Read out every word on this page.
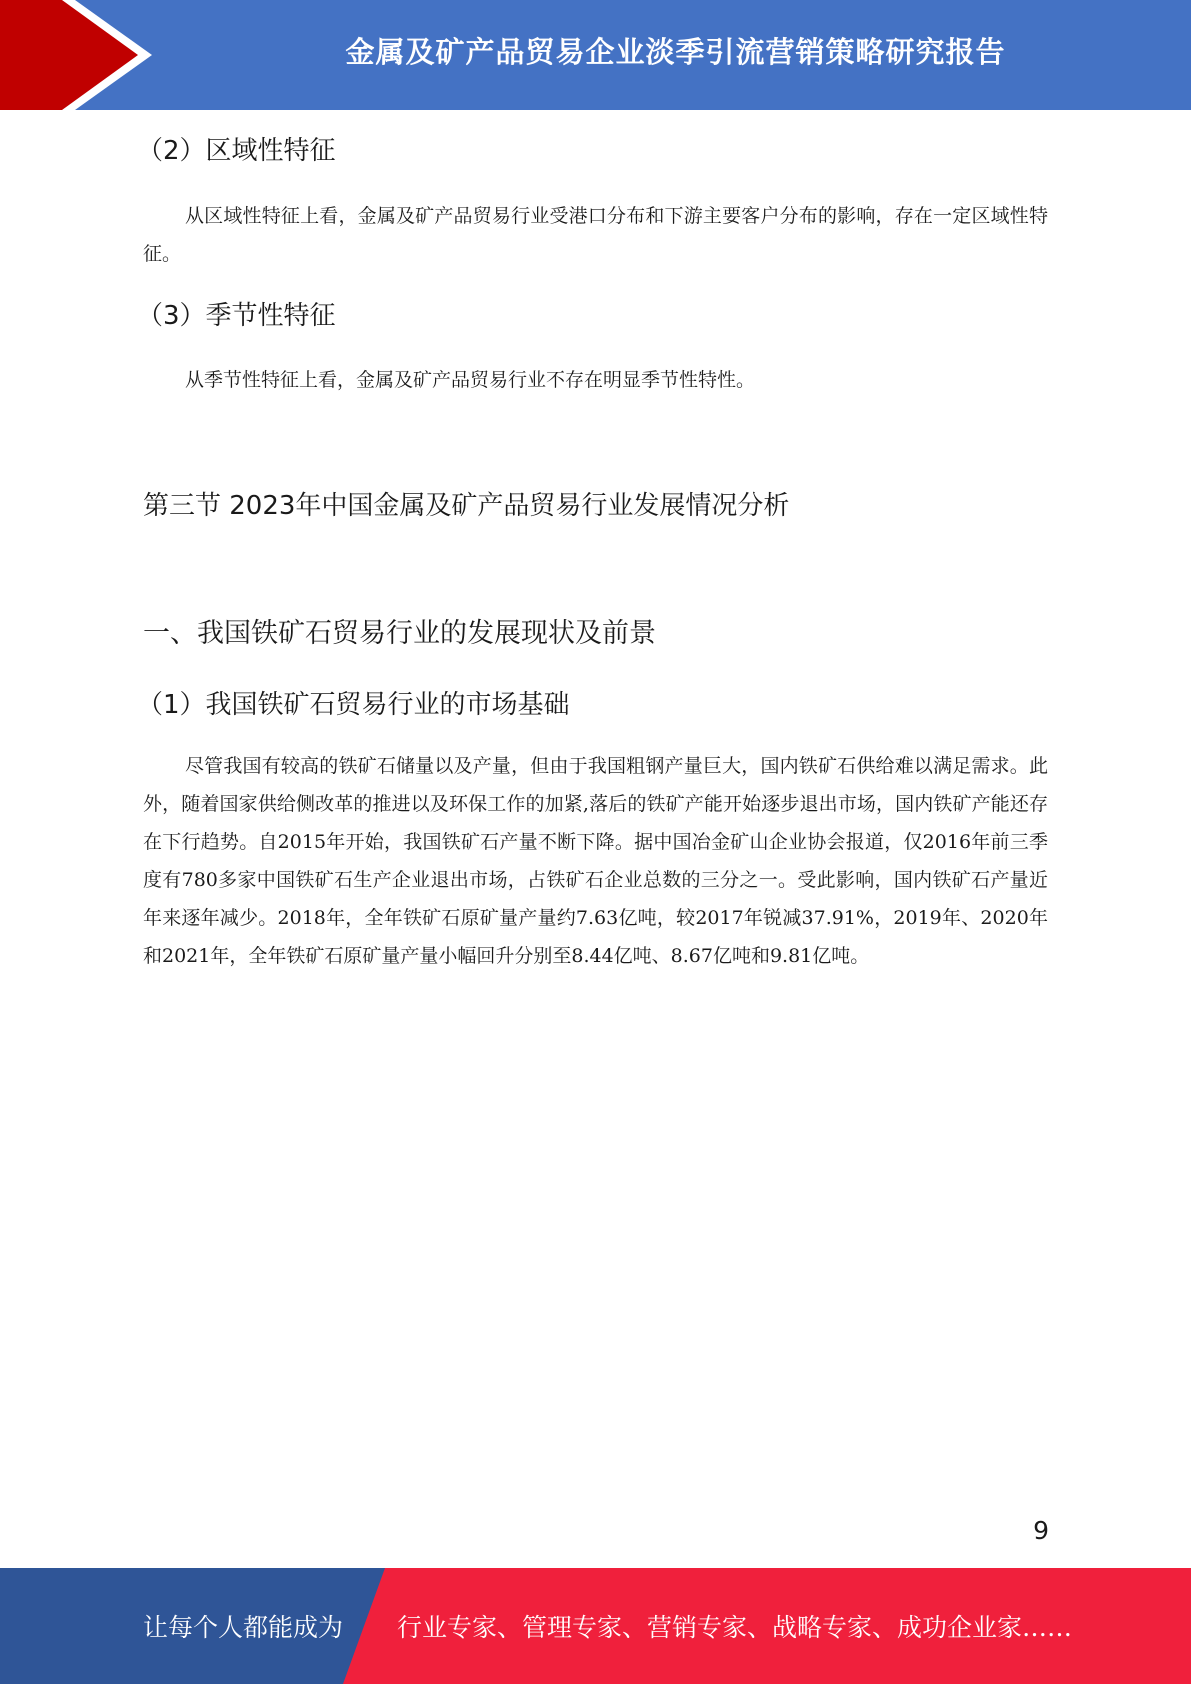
金属及矿产品贸易企业淡季引流营销策略研究报告
（2）区域性特征

从区域性特征上看，金属及矿产品贸易行业受港口分布和下游主要客户分布的影响，存在一定区域性特征。

（3）季节性特征

从季节性特征上看，金属及矿产品贸易行业不存在明显季节性特性。

第三节 2023年中国金属及矿产品贸易行业发展情况分析
一、我国铁矿石贸易行业的发展现状及前景
（1）我国铁矿石贸易行业的市场基础

尽管我国有较高的铁矿石储量以及产量，但由于我国粗钢产量巨大，国内铁矿石供给难以满足需求。此外，随着国家供给侧改革的推进以及环保工作的加紧,落后的铁矿产能开始逐步退出市场，国内铁矿产能还存在下行趋势。自2015年开始，我国铁矿石产量不断下降。据中国冶金矿山企业协会报道，仅2016年前三季度有780多家中国铁矿石生产企业退出市场，占铁矿石企业总数的三分之一。受此影响，国内铁矿石产量近年来逐年减少。2018年，全年铁矿石原矿量产量约7.63亿吨，较2017年锐减37.91%，2019年、2020年和2021年，全年铁矿石原矿量产量小幅回升分别至8.44亿吨、8.67亿吨和9.81亿吨。

9
让每个人都能成为 行业专家、管理专家、营销专家、战略专家、成功企业家……
